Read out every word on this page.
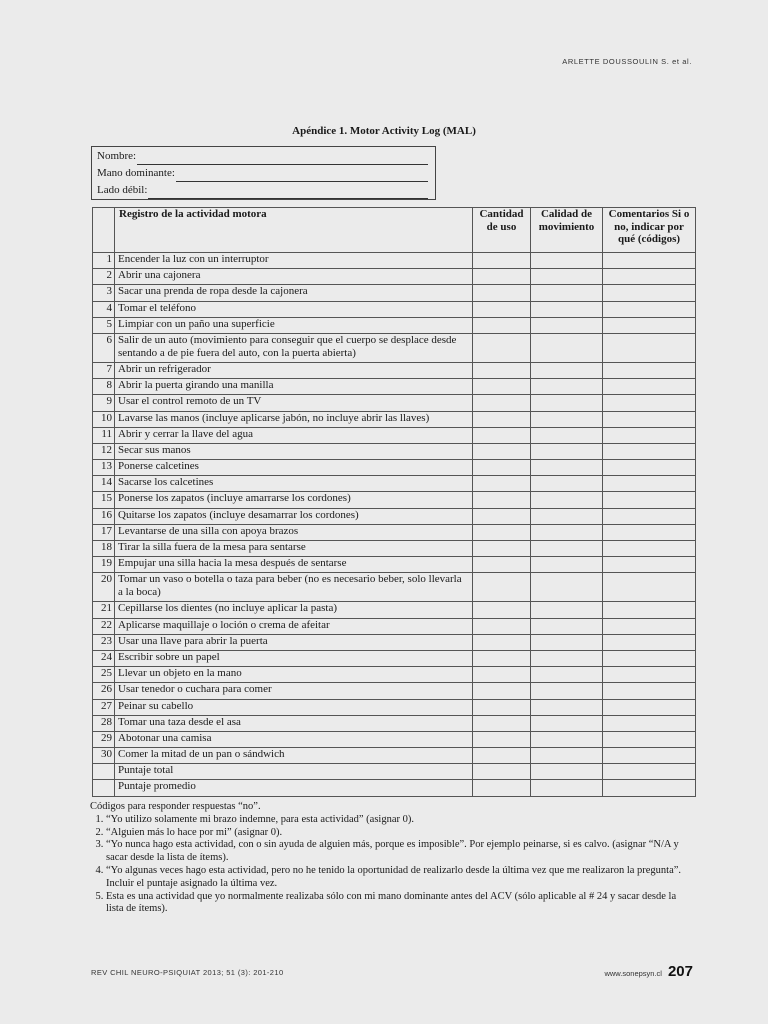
ARLETTE DOUSSOULIN S. et al.
Apéndice 1. Motor Activity Log (MAL)
Nombre:
Mano dominante:
Lado débil:
	Registro de la actividad motora	Cantidad de uso	Calidad de movimiento	Comentarios Si o no, indicar por qué (códigos)
1	Encender la luz con un interruptor			
2	Abrir una cajonera			
3	Sacar una prenda de ropa desde la cajonera			
4	Tomar el teléfono			
5	Limpiar con un paño una superficie			
6	Salir de un auto (movimiento para conseguir que el cuerpo se desplace desde sentando a de pie fuera del auto, con la puerta abierta)			
7	Abrir un refrigerador			
8	Abrir la puerta girando una manilla			
9	Usar el control remoto de un TV			
10	Lavarse las manos (incluye aplicarse jabón, no incluye abrir las llaves)			
11	Abrir y cerrar la llave del agua			
12	Secar sus manos			
13	Ponerse calcetines			
14	Sacarse los calcetines			
15	Ponerse los zapatos (incluye amarrarse los cordones)			
16	Quitarse los zapatos (incluye desamarrar los cordones)			
17	Levantarse de una silla con apoya brazos			
18	Tirar la silla fuera de la mesa para sentarse			
19	Empujar una silla hacia la mesa después de sentarse			
20	Tomar un vaso o botella o taza para beber (no es necesario beber, solo llevarla a la boca)			
21	Cepillarse los dientes (no incluye aplicar la pasta)			
22	Aplicarse maquillaje o loción o crema de afeitar			
23	Usar una llave para abrir la puerta			
24	Escribir sobre un papel			
25	Llevar un objeto en la mano			
26	Usar tenedor o cuchara para comer			
27	Peinar su cabello			
28	Tomar una taza desde el asa			
29	Abotonar una camisa			
30	Comer la mitad de un pan o sándwich			
	Puntaje total			
	Puntaje promedio			
Códigos para responder respuestas “no”.
1. “Yo utilizo solamente mi brazo indemne, para esta actividad” (asignar 0).
2. “Alguien más lo hace por mi” (asignar 0).
3. “Yo nunca hago esta actividad, con o sin ayuda de alguien más, porque es imposible”. Por ejemplo peinarse, si es calvo. (asignar “N/A y sacar desde la lista de ítems).
4. “Yo algunas veces hago esta actividad, pero no he tenido la oportunidad de realizarlo desde la última vez que me realizaron la pregunta”. Incluir el puntaje asignado la última vez.
5. Esta es una actividad que yo normalmente realizaba sólo con mi mano dominante antes del ACV (sólo aplicable al # 24 y sacar desde la lista de ítems).
REV CHIL NEURO-PSIQUIAT 2013; 51 (3): 201-210	www.sonepsyn.cl 207
